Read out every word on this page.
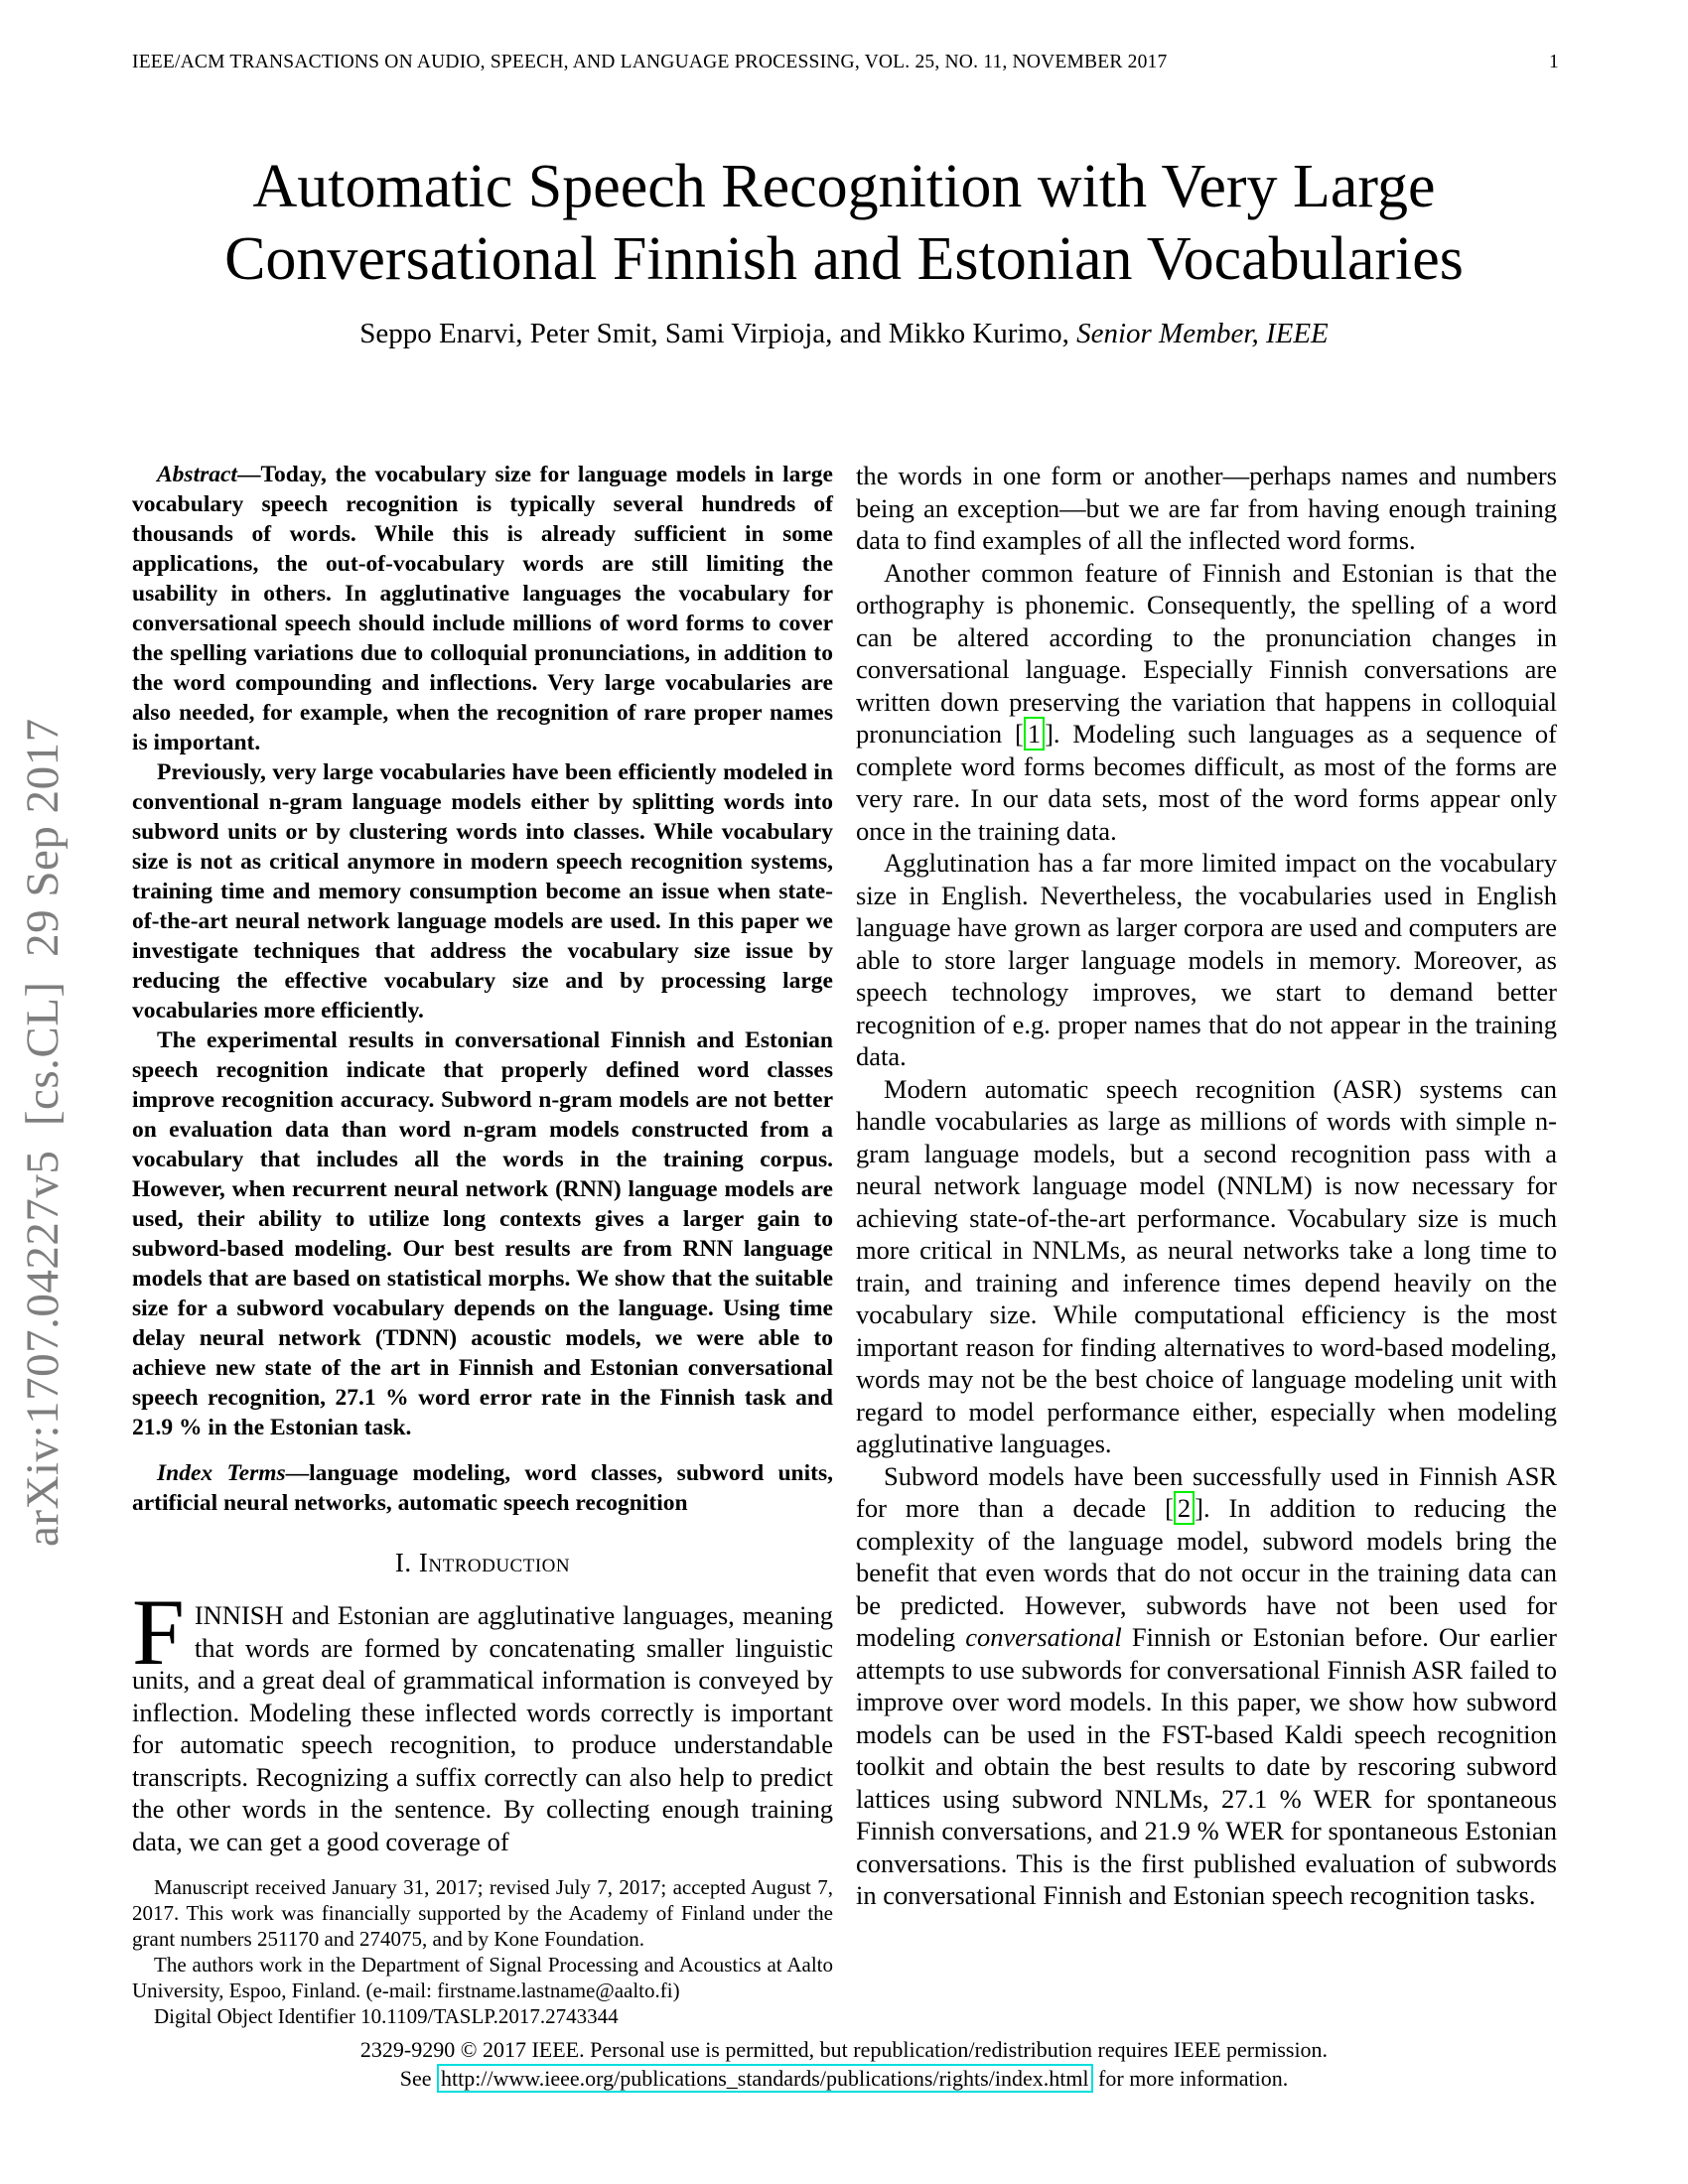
IEEE/ACM TRANSACTIONS ON AUDIO, SPEECH, AND LANGUAGE PROCESSING, VOL. 25, NO. 11, NOVEMBER 2017	1
arXiv:1707.04227v5  [cs.CL]  29 Sep 2017
Automatic Speech Recognition with Very Large
Conversational Finnish and Estonian Vocabularies
Seppo Enarvi, Peter Smit, Sami Virpioja, and Mikko Kurimo, Senior Member, IEEE

Abstract—Today, the vocabulary size for language models in large vocabulary speech recognition is typically several hundreds of thousands of words. While this is already sufficient in some applications, the out-of-vocabulary words are still limiting the usability in others. In agglutinative languages the vocabulary for conversational speech should include millions of word forms to cover the spelling variations due to colloquial pronunciations, in addition to the word compounding and inflections. Very large vocabularies are also needed, for example, when the recognition of rare proper names is important.

Previously, very large vocabularies have been efficiently modeled in conventional n-gram language models either by splitting words into subword units or by clustering words into classes. While vocabulary size is not as critical anymore in modern speech recognition systems, training time and memory consumption become an issue when state-of-the-art neural network language models are used. In this paper we investigate techniques that address the vocabulary size issue by reducing the effective vocabulary size and by processing large vocabularies more efficiently.

The experimental results in conversational Finnish and Estonian speech recognition indicate that properly defined word classes improve recognition accuracy. Subword n-gram models are not better on evaluation data than word n-gram models constructed from a vocabulary that includes all the words in the training corpus. However, when recurrent neural network (RNN) language models are used, their ability to utilize long contexts gives a larger gain to subword-based modeling. Our best results are from RNN language models that are based on statistical morphs. We show that the suitable size for a subword vocabulary depends on the language. Using time delay neural network (TDNN) acoustic models, we were able to achieve new state of the art in Finnish and Estonian conversational speech recognition, 27.1 % word error rate in the Finnish task and 21.9 % in the Estonian task.

Index Terms—language modeling, word classes, subword units, artificial neural networks, automatic speech recognition

I. Introduction

FINNISH and Estonian are agglutinative languages, meaning that words are formed by concatenating smaller linguistic units, and a great deal of grammatical information is conveyed by inflection. Modeling these inflected words correctly is important for automatic speech recognition, to produce understandable transcripts. Recognizing a suffix correctly can also help to predict the other words in the sentence. By collecting enough training data, we can get a good coverage of

the words in one form or another—perhaps names and numbers being an exception—but we are far from having enough training data to find examples of all the inflected word forms.

Another common feature of Finnish and Estonian is that the orthography is phonemic. Consequently, the spelling of a word can be altered according to the pronunciation changes in conversational language. Especially Finnish conversations are written down preserving the variation that happens in colloquial pronunciation [ 1 ]. Modeling such languages as a sequence of complete word forms becomes difficult, as most of the forms are very rare. In our data sets, most of the word forms appear only once in the training data.

Agglutination has a far more limited impact on the vocabulary size in English. Nevertheless, the vocabularies used in English language have grown as larger corpora are used and computers are able to store larger language models in memory. Moreover, as speech technology improves, we start to demand better recognition of e.g. proper names that do not appear in the training data.

Modern automatic speech recognition (ASR) systems can handle vocabularies as large as millions of words with simple n-gram language models, but a second recognition pass with a neural network language model (NNLM) is now necessary for achieving state-of-the-art performance. Vocabulary size is much more critical in NNLMs, as neural networks take a long time to train, and training and inference times depend heavily on the vocabulary size. While computational efficiency is the most important reason for finding alternatives to word-based modeling, words may not be the best choice of language modeling unit with regard to model performance either, especially when modeling agglutinative languages.

Subword models have been successfully used in Finnish ASR for more than a decade [ 2 ]. In addition to reducing the complexity of the language model, subword models bring the benefit that even words that do not occur in the training data can be predicted. However, subwords have not been used for modeling conversational Finnish or Estonian before. Our earlier attempts to use subwords for conversational Finnish ASR failed to improve over word models. In this paper, we show how subword models can be used in the FST-based Kaldi speech recognition toolkit and obtain the best results to date by rescoring subword lattices using subword NNLMs, 27.1 % WER for spontaneous Finnish conversations, and 21.9 % WER for spontaneous Estonian conversations. This is the first published evaluation of subwords in conversational Finnish and Estonian speech recognition tasks.

Manuscript received January 31, 2017; revised July 7, 2017; accepted August 7, 2017. This work was financially supported by the Academy of Finland under the grant numbers 251170 and 274075, and by Kone Foundation.

The authors work in the Department of Signal Processing and Acoustics at Aalto University, Espoo, Finland. (e-mail: firstname.lastname@aalto.fi)

Digital Object Identifier 10.1109/TASLP.2017.2743344

2329-9290 © 2017 IEEE. Personal use is permitted, but republication/redistribution requires IEEE permission.
See http://www.ieee.org/publications_standards/publications/rights/index.html for more information.
